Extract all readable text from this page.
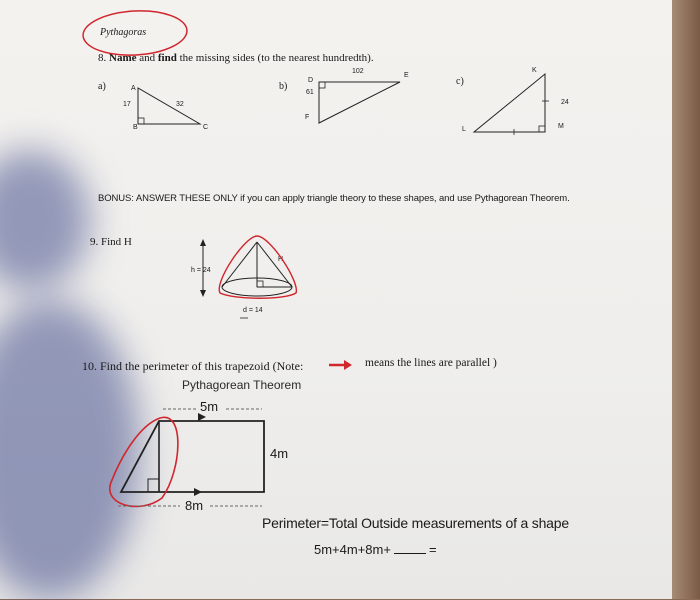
Pythagoras
8. Name and find the missing sides (to the nearest hundredth).
a)	b)	c)
A
B	C
17	32
D
E
F
102
61
K
L	M
24
BONUS: ANSWER THESE ONLY if you can apply triangle theory to these shapes, and use Pythagorean Theorem.
9. Find H
h = 24
H
d = 14
10. Find the perimeter of this trapezoid (Note:	means the lines are parallel )
Pythagorean Theorem
5m
4m
8m
Perimeter=Total Outside measurements of a shape
5m+4m+8m+	=
